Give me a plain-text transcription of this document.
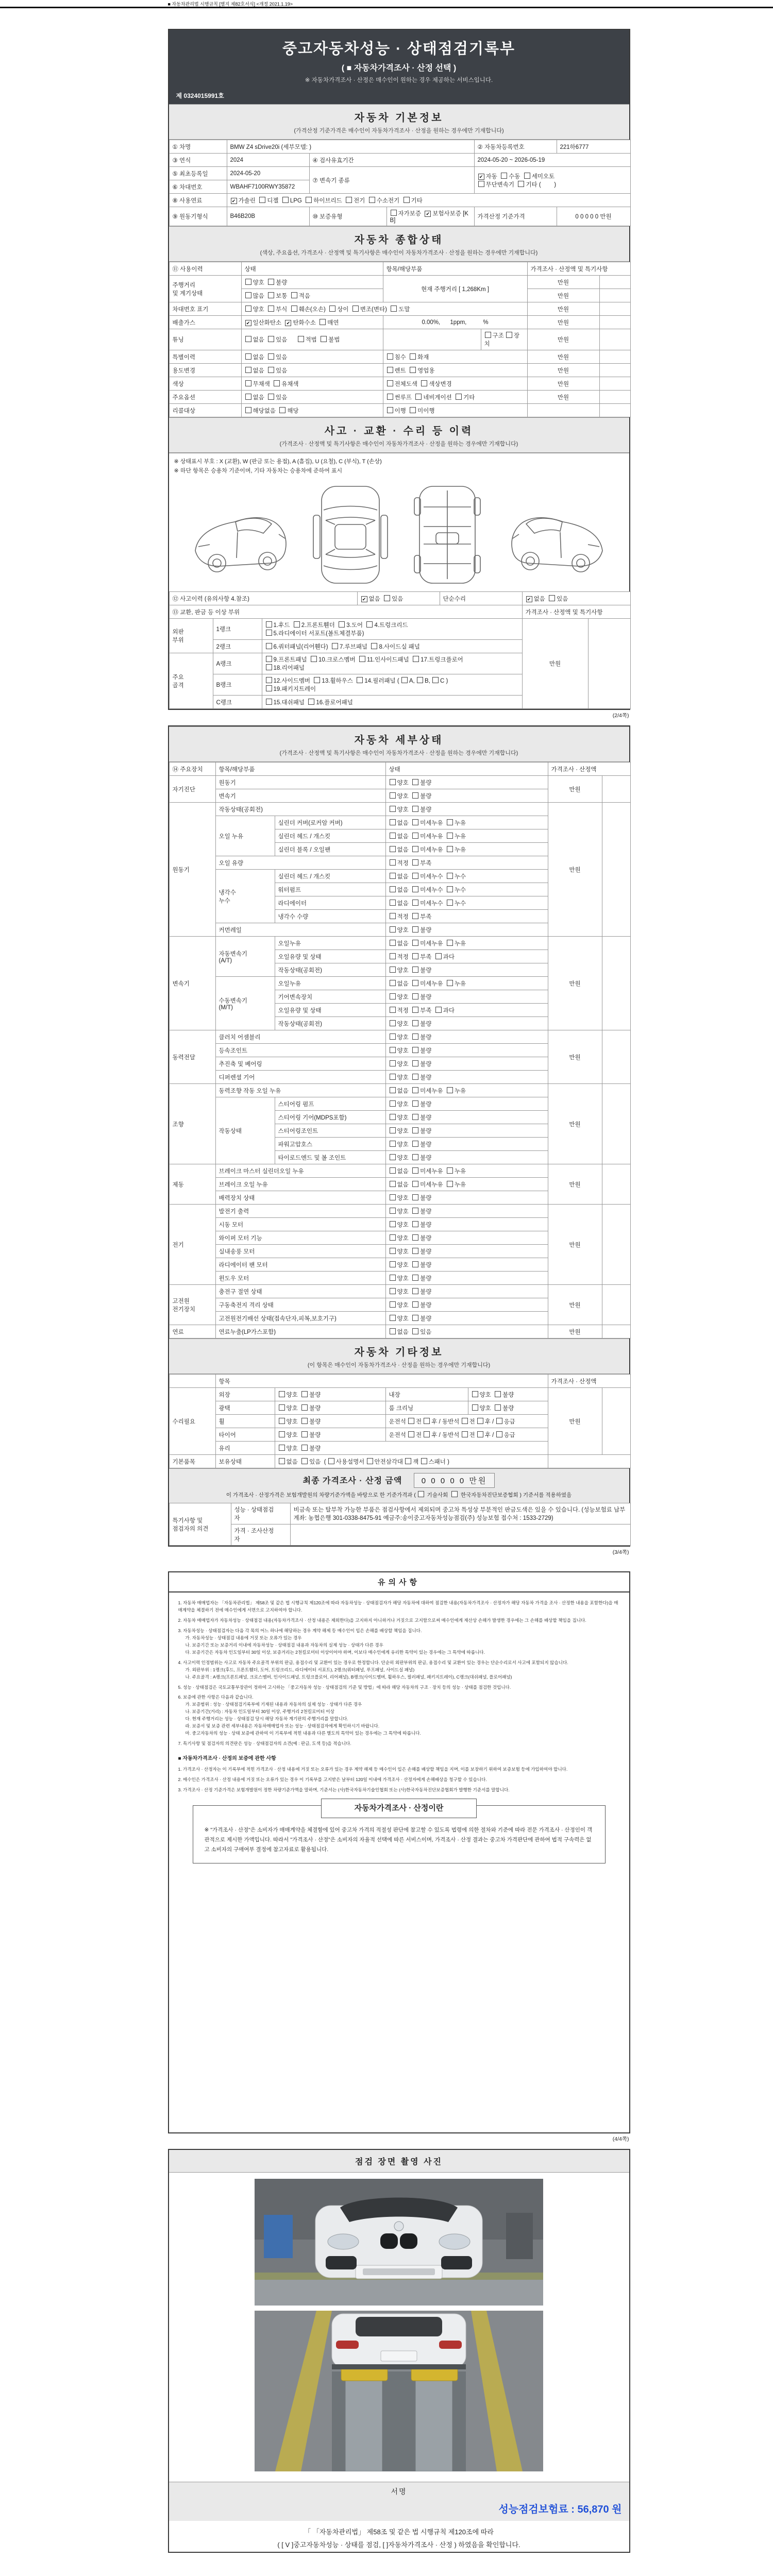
■ 자동차관리법 시행규칙 [별지 제82호서식] <개정 2021.1.19>
중고자동차성능 · 상태점검기록부
( ■ 자동차가격조사 · 산정 선택 )
※ 자동차가격조사 · 산정은 매수인이 원하는 경우 제공하는 서비스입니다.
제 0324015991호
자동차 기본정보
(가격산정 기준가격은 매수인이 자동차가격조사 · 산정을 원하는 경우에만 기재합니다)
① 차명	BMW Z4 sDrive20i (세부모델: )			② 자동차등록번호	221하6777
③ 연식	2024	④ 검사유효기간		2024-05-20 ~ 2026-05-19	
⑤ 최초등록일	2024-05-20	⑦ 변속기 종류		✔ 자동  수동  세미오토
무단변속기  기타 (        )	
⑥ 차대번호	WBAHF7100RWY35872				
⑧ 사용연료	✔ 가솔린  디젤  LPG  하이브리드  전기  수소전기  기타				
⑨ 원동기형식	B46B20B	⑩ 보증유형	자가보증  ✔ 보험사보증 [KB]	가격산정 기준가격	0 0 0 0 0 만원
자동차 종합상태
(색상, 주요옵션, 가격조사 · 산정액 및 특기사항은 매수인이 자동차가격조사 · 산정을 원하는 경우에만 기재합니다)
⑪ 사용이력	상태	항목/해당부품		가격조사 · 산정액 및 특기사항	
주행거리
및 계기상태	양호  불량	현재 주행거리 [ 1,268Km ]		만원	
	많음  보통  적음			만원	
차대번호 표기	양호  부식  훼손(오손)  상이  변조(변타)  도말			만원	
배출가스	✔ 일산화탄소  ✔ 탄화수소  매연	0.00%,      1ppm,          %		만원	
튜닝	없음  있음      적법  불법		구조 장치	만원	
특별이력	없음  있음	침수  화재		만원	
용도변경	없음  있음	렌트  영업용		만원	
색상	무채색  유채색	전체도색  색상변경		만원	
주요옵션	없음  있음	썬루프  네비게이션  기타		만원	
리콜대상	해당없음  해당	이행  미이행			
사고 · 교환 · 수리 등 이력
(가격조사 · 산정액 및 특기사항은 매수인이 자동차가격조사 · 산정을 원하는 경우에만 기재합니다)
※ 상태표시 부호 : X (교환), W (판금 또는 용접), A (흠집), U (요철), C (부식), T (손상)
※ 하단 항목은 승용차 기준이며, 기타 자동차는 승용차에 준하여 표시
⑫ 사고이력 (유의사항 4.참조)			✔ 없음  있음	단순수리	✔ 없음  있음	
⑬ 교환, 판금 등 이상 부위					가격조사 · 산정액 및 특기사항	
외판
부위	1랭크	1.후드  2.프론트휀더  3.도어  4.트렁크리드
5.라디에이터 서포트(볼트체결부품)			만원	
	2랭크	6.쿼터패널(리어휀다)  7.루브패널  8.사이드실 패널				
주요
골격	A랭크	9.프론트패널  10.크로스멤버  11.인사이드패널  17.트렁크플로어
18.리어패널				
	B랭크	12.사이드멤버  13.휠하우스  14.필러패널 ( A, B, C )
19.패키지트레이				
	C랭크	15.대쉬패널  16.플로어패널				
(2/4쪽)
자동차 세부상태
(가격조사 · 산정액 및 특기사항은 매수인이 자동차가격조사 · 산정을 원하는 경우에만 기재합니다)
⑭ 주요장치	항목/해당부품		상태	가격조사 · 산정액	
자기진단	원동기		양호  불량	만원	
	변속기		양호  불량		
원동기	작동상태(공회전)		양호  불량	만원	
	오일 누유	실린더 커버(로커암 커버)	없음  미세누유  누유		
		실린더 헤드 / 개스킷	없음  미세누유  누유		
		실린더 블록 / 오일팬	없음  미세누유  누유		
	오일 유량		적정  부족		
	냉각수
누수	실린더 헤드 / 개스킷	없음  미세누수  누수		
		워터펌프	없음  미세누수  누수		
		라디에이터	없음  미세누수  누수		
		냉각수 수량	적정  부족		
	커먼레일		양호  불량		
변속기	자동변속기
(A/T)	오일누유	없음  미세누유  누유	만원	
		오일유량 및 상태	적정  부족  과다		
		작동상태(공회전)	양호  불량		
	수동변속기
(M/T)	오일누유	없음  미세누유  누유		
		기어변속장치	양호  불량		
		오일유량 및 상태	적정  부족  과다		
		작동상태(공회전)	양호  불량		
동력전달	클러치 어셈블리		양호  불량	만원	
	등속조인트		양호  불량		
	추진축 및 베어링		양호  불량		
	디퍼렌셜 기어		양호  불량		
조향	동력조향 작동 오일 누유		없음  미세누유  누유	만원	
	작동상태	스티어링 펌프	양호  불량		
		스티어링 기어(MDPS포함)	양호  불량		
		스티어링조인트	양호  불량		
		파워고압호스	양호  불량		
		타이로드엔드 및 볼 조인트	양호  불량		
제동	브레이크 마스터 실린더오일 누유		없음  미세누유  누유	만원	
	브레이크 오일 누유		없음  미세누유  누유		
	배력장치 상태		양호  불량		
전기	발전기 출력		양호  불량	만원	
	시동 모터		양호  불량		
	와이퍼 모터 기능		양호  불량		
	실내송풍 모터		양호  불량		
	라디에이터 팬 모터		양호  불량		
	윈도우 모터		양호  불량		
고전원
전기장치	충전구 절연 상태		양호  불량	만원	
	구동축전지 격리 상태		양호  불량		
	고전원전기배선 상태(접속단자,피복,보호기구)		양호  불량		
연료	연료누출(LP가스포함)		없음  있음	만원	
자동차 기타정보
(이 항목은 매수인이 자동차가격조사 · 산정을 원하는 경우에만 기재합니다)
	항목				가격조사 · 산정액	
수리필요	외장	양호  불량	내장	양호  불량	만원	
	광택	양호  불량	룸 크리닝	양호  불량		
	휠	양호  불량	운전석 전 후 / 동반석 전 후 / 응급			
	타이어	양호  불량	운전석 전 후 / 동반석 전 후 / 응급			
	유리	양호  불량				
기본품목	보유상태	없음  있음  ( 사용설명서 안전삼각대 잭 스패너 )				
최종 가격조사 · 산정 금액 0 0 0 0 0 만원
이 가격조사 · 산정가격은 보험개발원의 차량기준가액을 바탕으로 한 기준가격과 (  기술사회   한국자동차진단보증협회 ) 기준서를 적용하였음
특기사항 및
점검자의 의견	성능 · 상태점검
자	비금속 또는 탈부착 가능한 부품은 점검사항에서 제외되며 중고차 특성상 부분적인 판금도색은 있을 수 있습니다. (성능보험료 납부계좌: 농협은행 301-0338-8475-91 예금주:송이중고자동차성능점검(주) 성능보험 접수처 : 1533-2729)
	가격 · 조사산정
자	
(3/4쪽)
유의사항
1. 자동차 매매업자는 「자동차관리법」 제58조 및 같은 법 시행규칙 제120조에 따라 자동차성능 · 상태점검자가 해당 자동차에 대하여 점검한 내용(자동차가격조사 · 산정자가 해당 자동차 가격을 조사 · 산정한 내용을 포함한다)을 매매계약을 체결하기 전에 매수인에게 서면으로 고지하여야 합니다.
2. 자동차 매매업자가 자동차성능 · 상태점검 내용(자동차가격조사 · 산정 내용은 제외한다)을 고지하지 아니하거나 거짓으로 고지함으로써 매수인에게 재산상 손해가 발생한 경우에는 그 손해를 배상할 책임을 집니다.
3. 자동차성능 · 상태점검자는 다음 각 목의 어느 하나에 해당하는 경우 계약 해제 등 매수인이 입은 손해를 배상할 책임을 집니다.
가. 자동차성능 · 상태점검 내용에 거짓 또는 오류가 있는 경우
나. 보증기간 또는 보증거리 이내에 자동차성능 · 상태점검 내용과 자동차의 실제 성능 · 상태가 다른 경우
다. 보증기간은 자동차 인도일부터 30일 이상, 보증거리는 2천킬로미터 이상이어야 하며, 이보다 매수인에게 유리한 특약이 있는 경우에는 그 특약에 따릅니다.
4. 사고이력 인정범위는 사고로 자동차 주요골격 부위의 판금, 용접수리 및 교환이 있는 경우로 한정합니다. 단순히 외판부위의 판금, 용접수리 및 교환이 있는 경우는 단순수리로서 사고에 포함되지 않습니다.
가. 외판부위 : 1랭크(후드, 프론트휀더, 도어, 트렁크리드, 라디에이터 서포트), 2랭크(쿼터패널, 루프패널, 사이드실 패널)
나. 주요골격 : A랭크(프론트패널, 크로스멤버, 인사이드패널, 트렁크플로어, 리어패널), B랭크(사이드멤버, 휠하우스, 필러패널, 패키지트레이), C랭크(대쉬패널, 플로어패널)
5. 성능 · 상태점검은 국토교통부장관이 정하여 고시하는 「중고자동차 성능 · 상태점검의 기준 및 방법」에 따라 해당 자동차의 구조 · 장치 등의 성능 · 상태를 점검한 것입니다.
6. 보증에 관한 사항은 다음과 같습니다.
가. 보증범위 : 성능 · 상태점검기록부에 기재된 내용과 자동차의 실제 성능 · 상태가 다른 경우
나. 보증기간(거리) : 자동차 인도일부터 30일 이상, 주행거리 2천킬로미터 이상
다. 현재 주행거리는 성능 · 상태점검 당시 해당 자동차 계기판의 주행거리를 말합니다.
라. 보증서 및 보증 관련 세부내용은 자동차매매업자 또는 성능 · 상태점검자에게 확인하시기 바랍니다.
마. 중고자동차의 성능 · 상태 보증에 관하여 이 기록부에 적힌 내용과 다른 별도의 특약이 있는 경우에는 그 특약에 따릅니다.
7. 특기사항 및 점검자의 의견란은 성능 · 상태점검자의 소견(예 : 판금, 도색 등)을 적습니다.
■ 자동차가격조사 · 산정의 보증에 관한 사항
1. 가격조사 · 산정자는 이 기록부에 적힌 가격조사 · 산정 내용에 거짓 또는 오류가 있는 경우 계약 해제 등 매수인이 입은 손해를 배상할 책임을 지며, 이를 보장하기 위하여 보증보험 등에 가입하여야 합니다.
2. 매수인은 가격조사 · 산정 내용에 거짓 또는 오류가 있는 경우 이 기록부를 고지받은 날부터 120일 이내에 가격조사 · 산정자에게 손해배상을 청구할 수 있습니다.
3. 가격조사 · 산정 기준가격은 보험개발원이 정한 차량기준가액을 말하며, 기준서는 (사)한국자동차기술인협회 또는 (사)한국자동차진단보증협회가 발행한 기준서를 말합니다.
자동차가격조사 · 산정이란
※ "가격조사 · 산정"은 소비자가 매매계약을 체결함에 있어 중고차 가격의 적절성 판단에 참고할 수 있도록 법령에 의한 절차와 기준에 따라 전문 가격조사 · 산정인이 객관적으로 제시한 가액입니다. 따라서 "가격조사 · 산정"은 소비자의 자율적 선택에 따른 서비스이며, 가격조사 · 산정 결과는 중고차 가격판단에 관하여 법적 구속력은 없고 소비자의 구매여부 결정에 참고자료로 활용됩니다.
(4/4쪽)
점검 장면 촬영 사진
서명
성능점검보험료 : 56,870 원
「 「자동차관리법」 제58조 및 같은 법 시행규칙 제120조에 따라
( [ V ]중고자동차성능 · 상태를 점검, [ ]자동차가격조사 · 산정 ) 하였음을 확인합니다.
